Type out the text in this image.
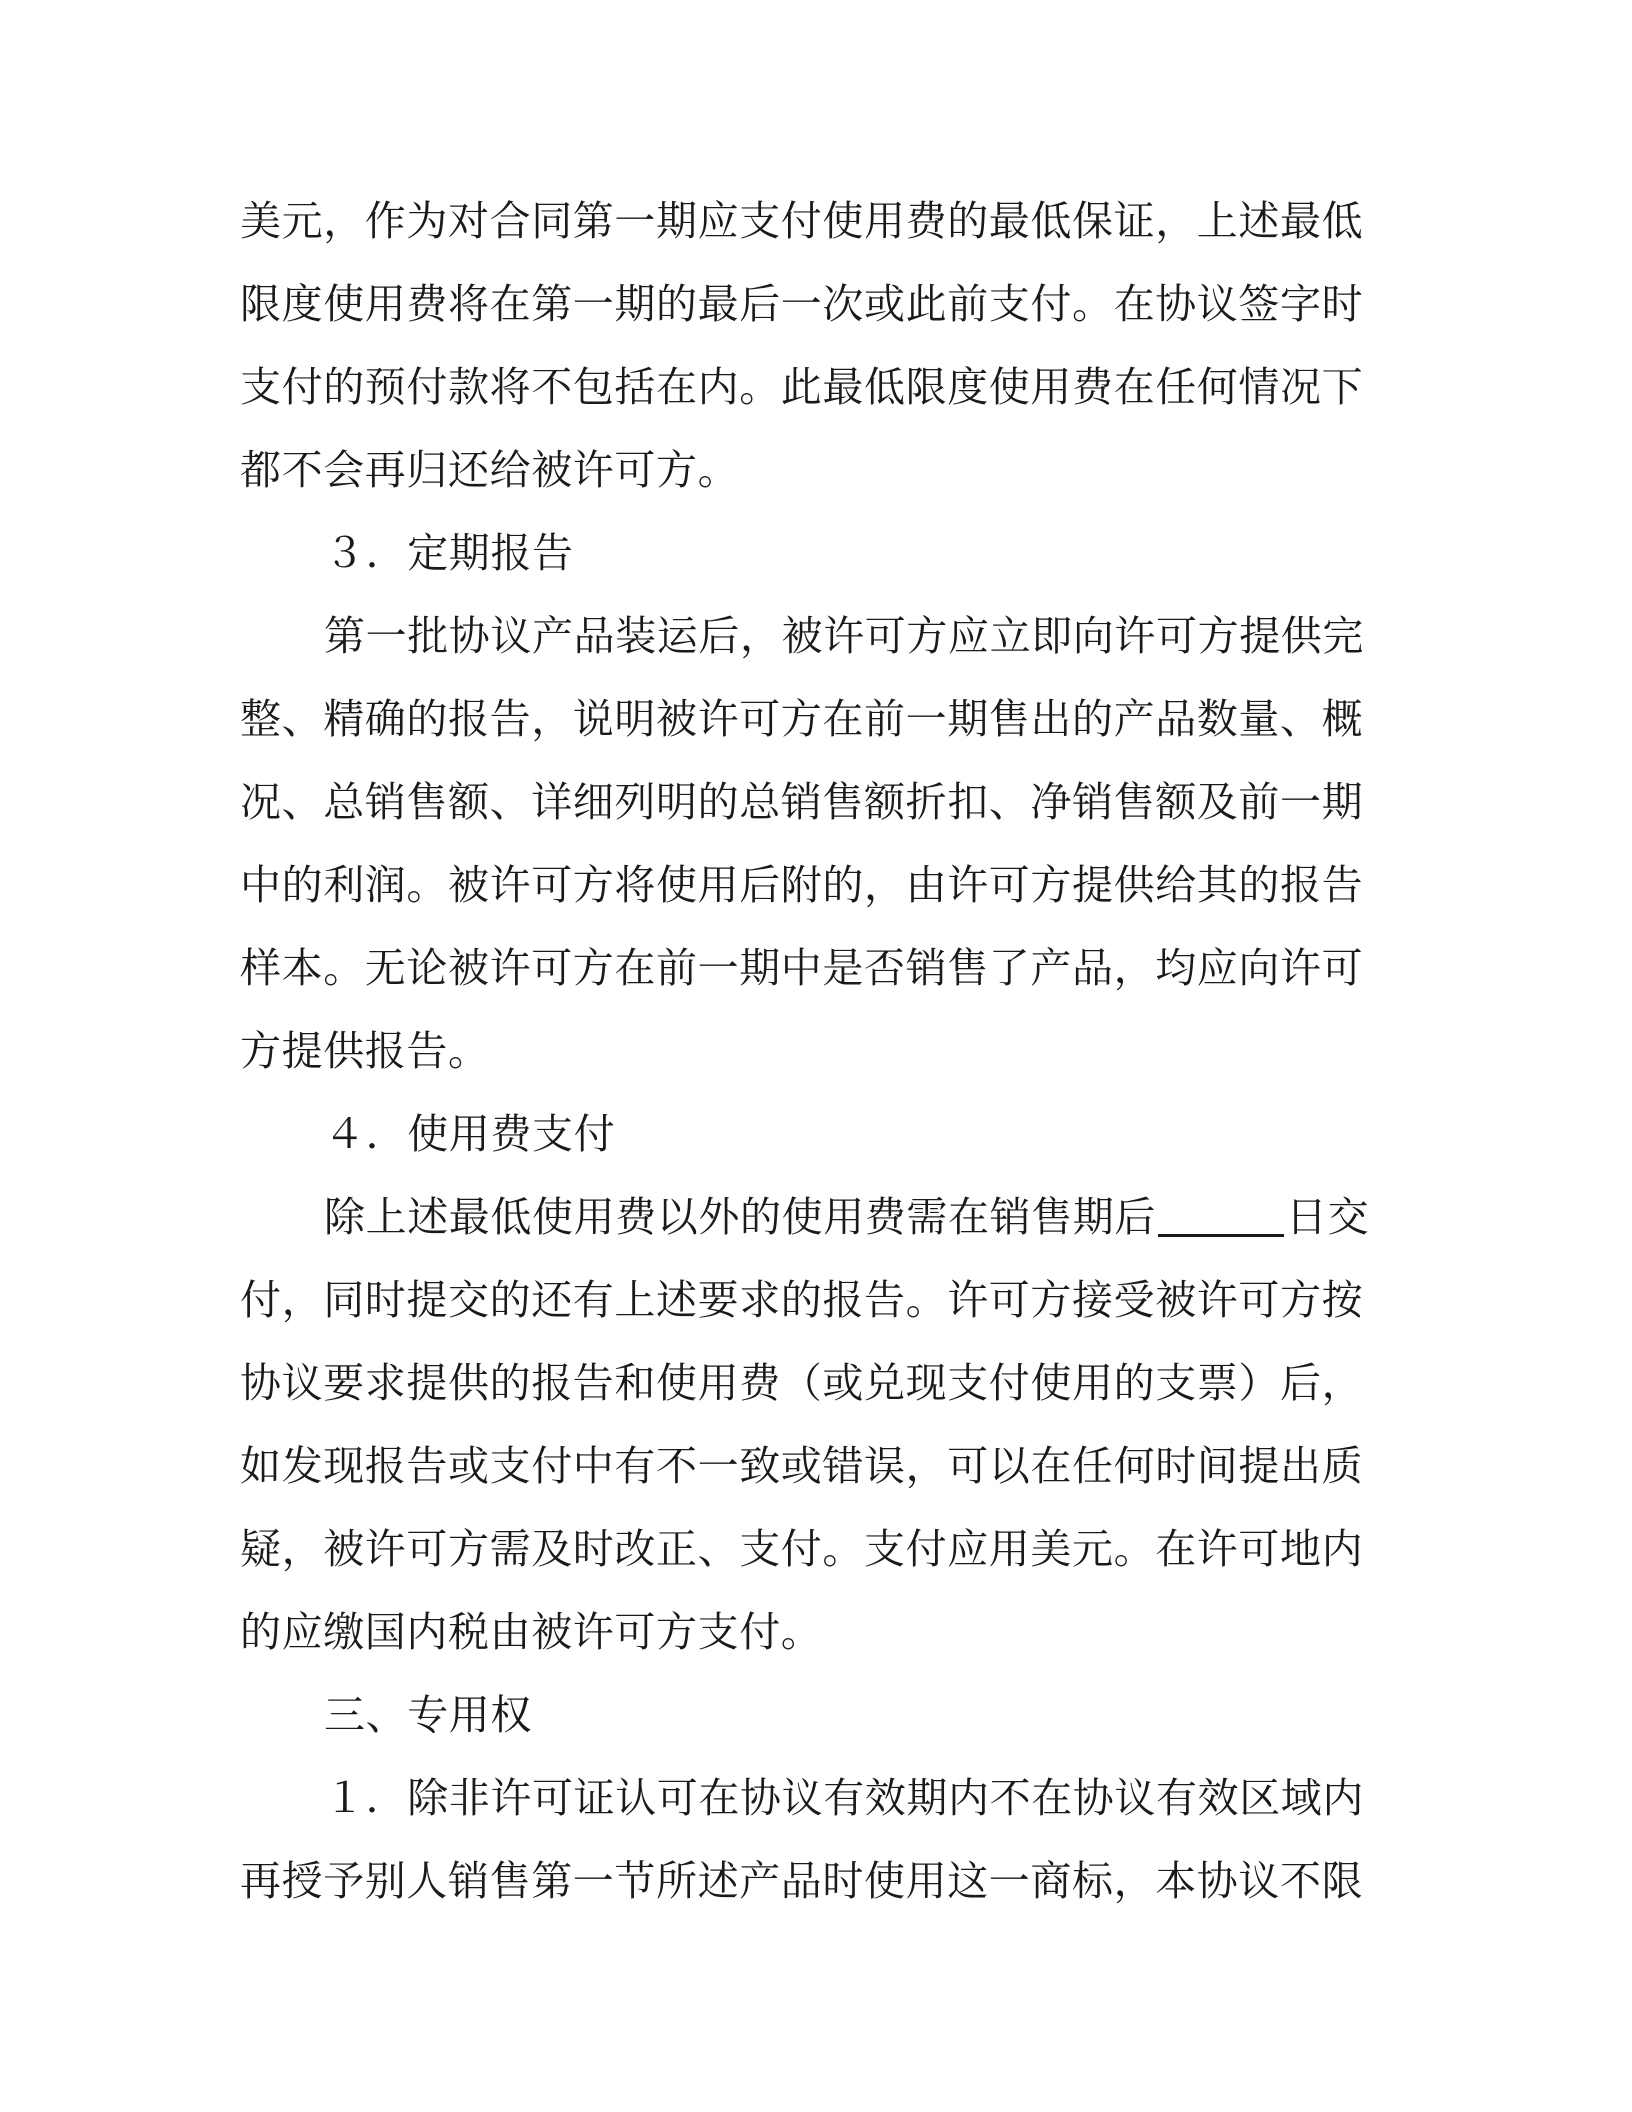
美元，作为对合同第一期应支付使用费的最低保证，上述最低
限度使用费将在第一期的最后一次或此前支付。在协议签字时
支付的预付款将不包括在内。此最低限度使用费在任何情况下
都不会再归还给被许可方。
３．定期报告
第一批协议产品装运后，被许可方应立即向许可方提供完
整、精确的报告，说明被许可方在前一期售出的产品数量、概
况、总销售额、详细列明的总销售额折扣、净销售额及前一期
中的利润。被许可方将使用后附的，由许可方提供给其的报告
样本。无论被许可方在前一期中是否销售了产品，均应向许可
方提供报告。
４．使用费支付
除上述最低使用费以外的使用费需在销售期后	日交
付，同时提交的还有上述要求的报告。许可方接受被许可方按
协议要求提供的报告和使用费（或兑现支付使用的支票）后，
如发现报告或支付中有不一致或错误，可以在任何时间提出质
疑，被许可方需及时改正、支付。支付应用美元。在许可地内
的应缴国内税由被许可方支付。
三、专用权
１．除非许可证认可在协议有效期内不在协议有效区域内
再授予别人销售第一节所述产品时使用这一商标，本协议不限
